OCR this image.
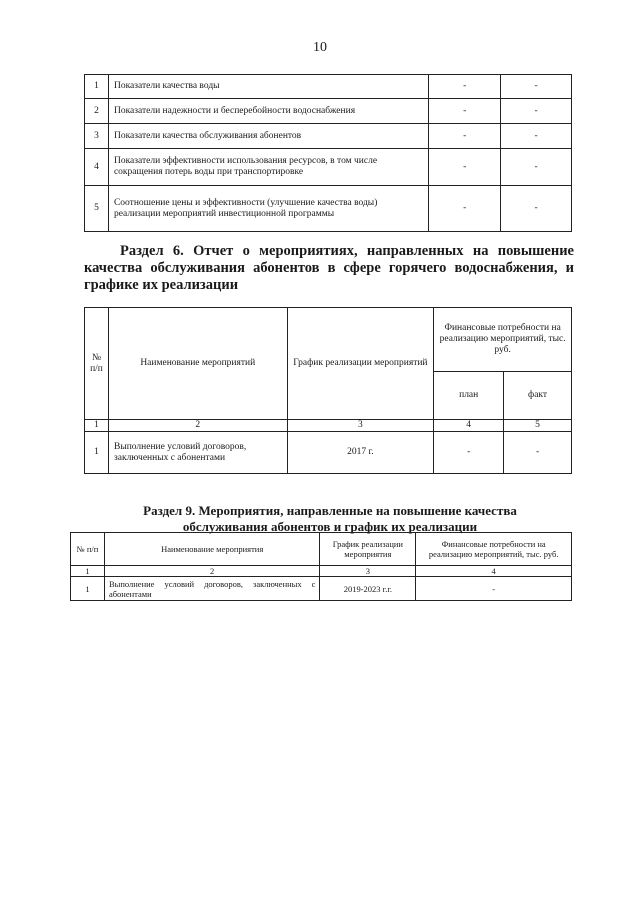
10
1	Показатели качества воды	-	-
2	Показатели надежности и бесперебойности водоснабжения	-	-
3	Показатели качества обслуживания абонентов	-	-
4	Показатели эффективности использования ресурсов, в том числе сокращения потерь воды при транспортировке	-	-
5	Соотношение цены и эффективности (улучшение качества воды) реализации мероприятий инвестиционной программы	-	-
Раздел 6. Отчет о мероприятиях, направленных на повышение качества обслуживания абонентов в сфере горячего водоснабжения, и графике их реализации
№ п/п	Наименование мероприятий	График реализации мероприятий	Финансовые потребности на реализацию мероприятий, тыс. руб.	
			план	факт
1	2	3	4	5
1	Выполнение условий договоров, заключенных с абонентами	2017 г.	-	-
Раздел 9. Мероприятия, направленные на повышение качества
обслуживания абонентов и график их реализации
№ п/п	Наименование мероприятия	График реализации мероприятия	Финансовые потребности на реализацию мероприятий, тыс. руб.
1	2	3	4
1	Выполнение условий договоров, заключенных с абонентами	2019-2023 г.г.	-
